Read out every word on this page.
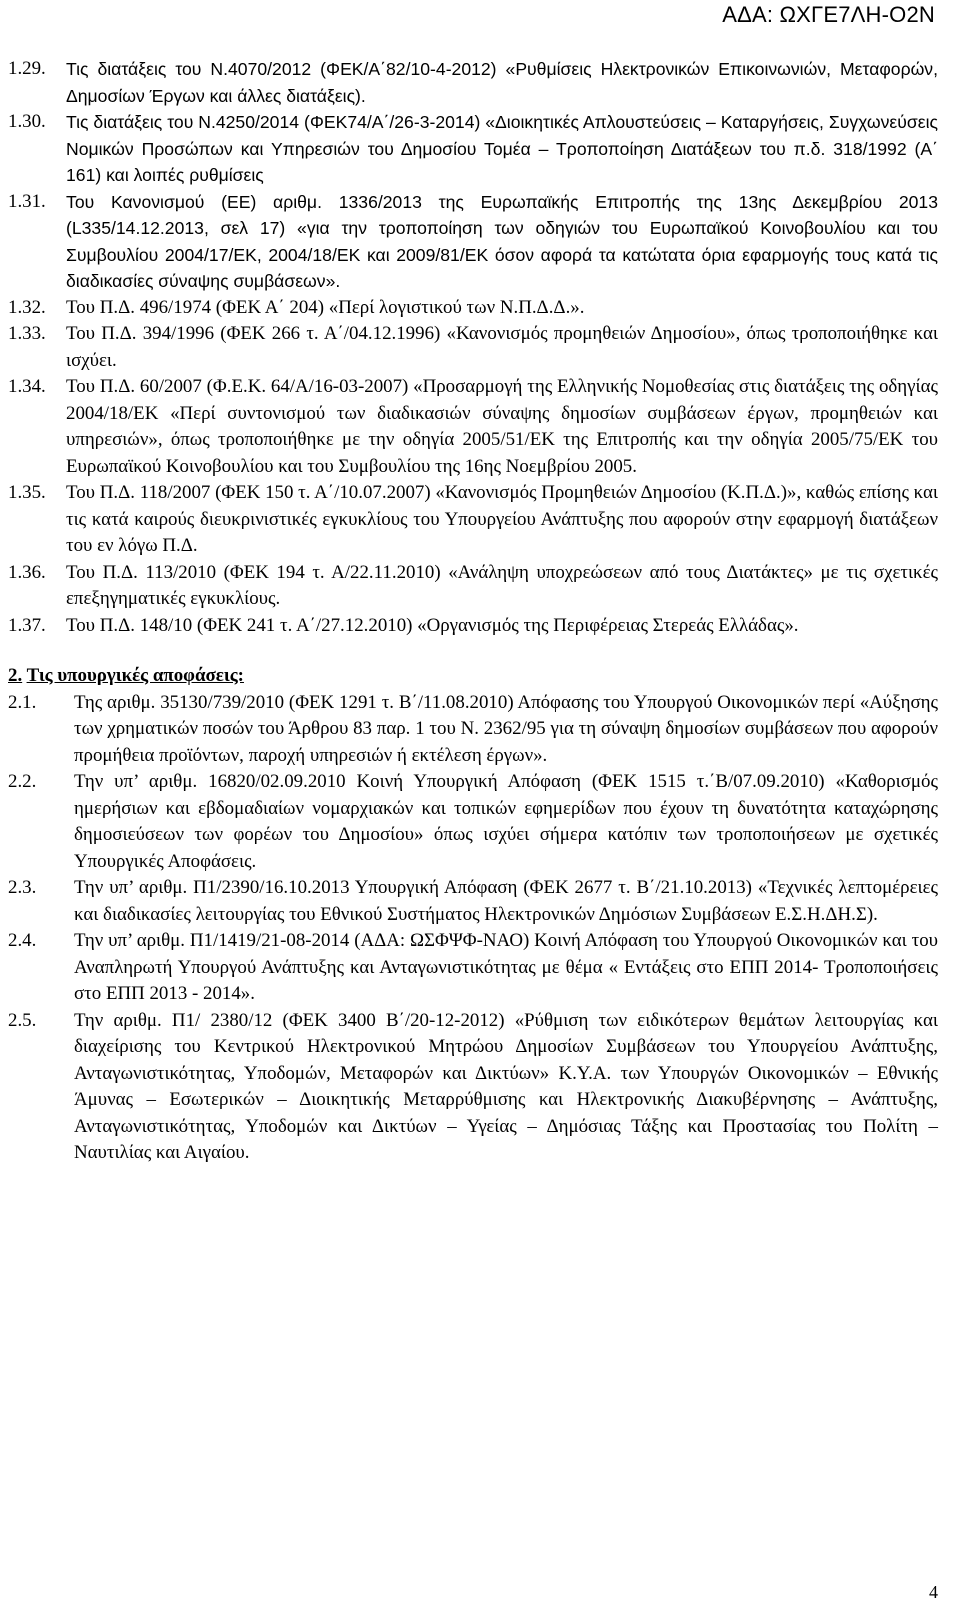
ΑΔΑ: ΩΧΓΕ7ΛΗ-Ο2Ν
1.29.	Τις διατάξεις του Ν.4070/2012 (ΦΕΚ/Α΄82/10-4-2012) «Ρυθμίσεις Ηλεκτρονικών Επικοινωνιών, Μεταφορών, Δημοσίων Έργων και άλλες διατάξεις).
1.30.	Τις διατάξεις του Ν.4250/2014 (ΦΕΚ74/Α΄/26-3-2014) «Διοικητικές Απλουστεύσεις – Καταργήσεις, Συγχωνεύσεις Νομικών Προσώπων και Υπηρεσιών του Δημοσίου Τομέα – Τροποποίηση Διατάξεων του π.δ. 318/1992 (Α΄ 161) και λοιπές ρυθμίσεις
1.31.	Του Κανονισμού (ΕΕ) αριθμ. 1336/2013 της Ευρωπαϊκής Επιτροπής της 13ης Δεκεμβρίου 2013 (L335/14.12.2013, σελ 17) «για την τροποποίηση των οδηγιών του Ευρωπαϊκού Κοινοβουλίου και του Συμβουλίου 2004/17/ΕΚ, 2004/18/ΕΚ και 2009/81/ΕΚ όσον αφορά τα κατώτατα όρια εφαρμογής τους κατά τις διαδικασίες σύναψης συμβάσεων».
1.32.	Του Π.Δ. 496/1974 (ΦΕΚ Α΄ 204) «Περί λογιστικού των Ν.Π.Δ.Δ.».
1.33.	Του Π.Δ. 394/1996 (ΦΕΚ 266 τ. Α΄/04.12.1996) «Κανονισμός προμηθειών Δημοσίου», όπως τροποποιήθηκε και ισχύει.
1.34.	Του Π.Δ. 60/2007 (Φ.Ε.Κ. 64/Α/16-03-2007) «Προσαρμογή της Ελληνικής Νομοθεσίας στις διατάξεις της οδηγίας 2004/18/ΕΚ «Περί συντονισμού των διαδικασιών σύναψης δημοσίων συμβάσεων έργων, προμηθειών και υπηρεσιών», όπως τροποποιήθηκε με την οδηγία 2005/51/ΕΚ της Επιτροπής και την οδηγία 2005/75/ΕΚ του Ευρωπαϊκού Κοινοβουλίου και του Συμβουλίου της 16ης Νοεμβρίου 2005.
1.35.	Του Π.Δ. 118/2007 (ΦΕΚ 150 τ. Α΄/10.07.2007) «Κανονισμός Προμηθειών Δημοσίου (Κ.Π.Δ.)», καθώς επίσης και τις κατά καιρούς διευκρινιστικές εγκυκλίους του Υπουργείου Ανάπτυξης που αφορούν στην εφαρμογή διατάξεων του εν λόγω Π.Δ.
1.36.	Του Π.Δ. 113/2010 (ΦΕΚ 194 τ. Α/22.11.2010) «Ανάληψη υποχρεώσεων από τους Διατάκτες» με τις σχετικές επεξηγηματικές εγκυκλίους.
1.37.	Του Π.Δ. 148/10 (ΦΕΚ 241 τ. Α΄/27.12.2010) «Οργανισμός της Περιφέρειας Στερεάς Ελλάδας».
2. Τις υπουργικές αποφάσεις:
2.1.	Της αριθμ. 35130/739/2010 (ΦΕΚ 1291 τ. Β΄/11.08.2010) Απόφασης του Υπουργού Οικονομικών περί «Αύξησης των χρηματικών ποσών του Άρθρου 83 παρ. 1 του Ν. 2362/95 για τη σύναψη δημοσίων συμβάσεων που αφορούν προμήθεια προϊόντων, παροχή υπηρεσιών ή εκτέλεση έργων».
2.2.	Την υπ’ αριθμ. 16820/02.09.2010 Κοινή Υπουργική Απόφαση (ΦΕΚ 1515 τ.΄Β/07.09.2010) «Καθορισμός ημερήσιων και εβδομαδιαίων νομαρχιακών και τοπικών εφημερίδων που έχουν τη δυνατότητα καταχώρησης δημοσιεύσεων των φορέων του Δημοσίου» όπως ισχύει σήμερα κατόπιν των τροποποιήσεων με σχετικές Υπουργικές Αποφάσεις.
2.3.	Την υπ’ αριθμ. Π1/2390/16.10.2013 Υπουργική Απόφαση (ΦΕΚ 2677 τ. Β΄/21.10.2013) «Τεχνικές λεπτομέρειες και διαδικασίες λειτουργίας του Εθνικού Συστήματος Ηλεκτρονικών Δημόσιων Συμβάσεων Ε.Σ.Η.ΔΗ.Σ).
2.4.	Την υπ’ αριθμ. Π1/1419/21-08-2014 (ΑΔΑ: ΩΣΦΨΦ-ΝΑΟ) Κοινή Απόφαση του Υπουργού Οικονομικών και του Αναπληρωτή Υπουργού Ανάπτυξης και Ανταγωνιστικότητας με θέμα « Εντάξεις στο ΕΠΠ 2014- Τροποποιήσεις στο ΕΠΠ 2013 - 2014».
2.5.	Την αριθμ. Π1/ 2380/12 (ΦΕΚ 3400 Β΄/20-12-2012) «Ρύθμιση των ειδικότερων θεμάτων λειτουργίας και διαχείρισης του Κεντρικού Ηλεκτρονικού Μητρώου Δημοσίων Συμβάσεων του Υπουργείου Ανάπτυξης, Ανταγωνιστικότητας, Υποδομών, Μεταφορών και Δικτύων» Κ.Υ.Α. των Υπουργών Οικονομικών – Εθνικής Άμυνας – Εσωτερικών – Διοικητικής Μεταρρύθμισης και Ηλεκτρονικής Διακυβέρνησης – Ανάπτυξης, Ανταγωνιστικότητας, Υποδομών και Δικτύων – Υγείας – Δημόσιας Τάξης και Προστασίας του Πολίτη – Ναυτιλίας και Αιγαίου.
4
